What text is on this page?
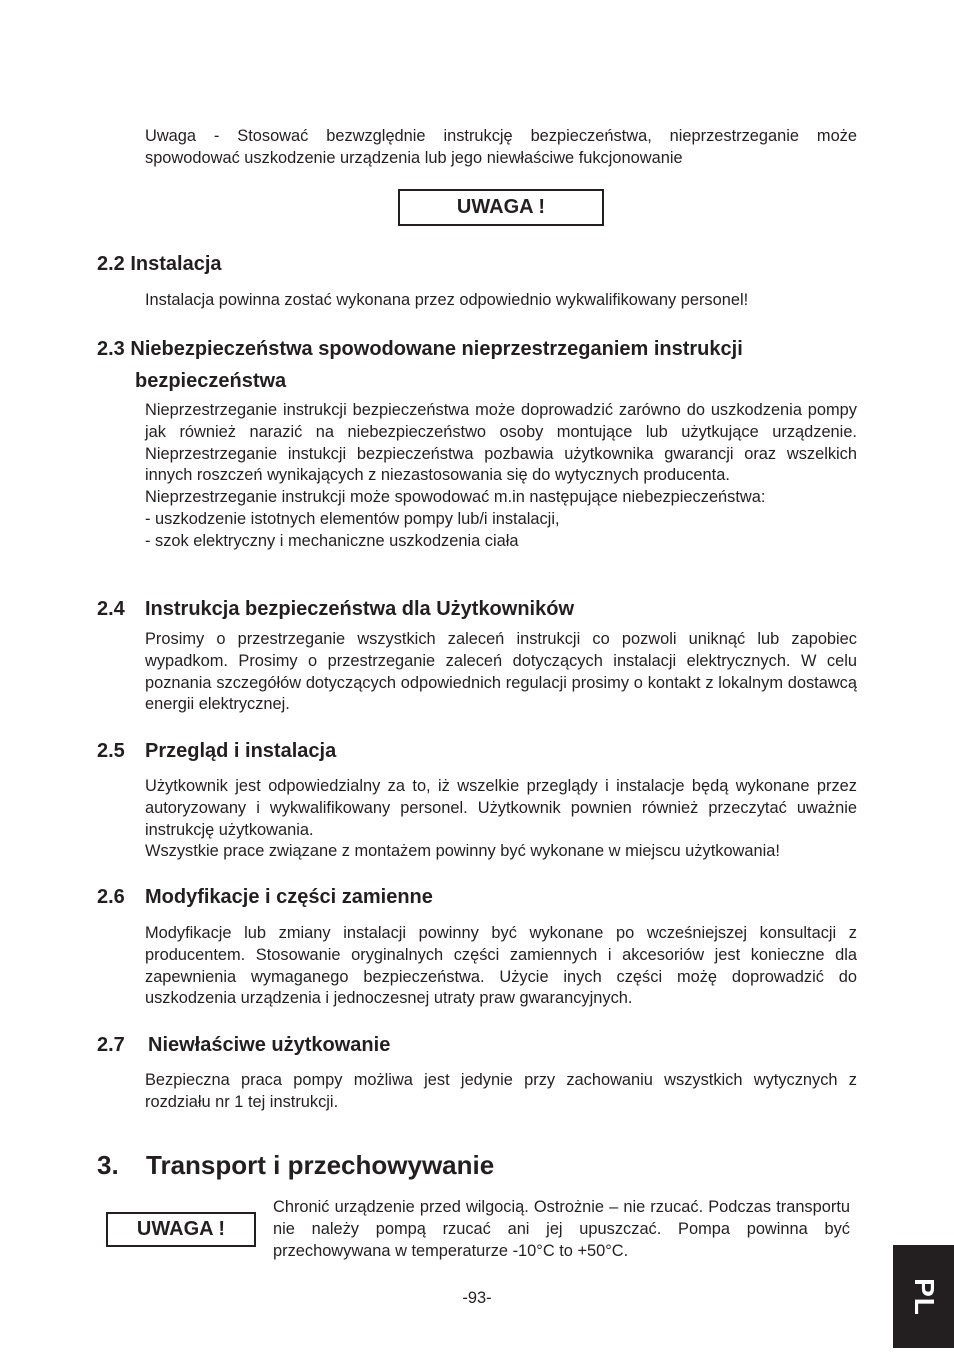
Uwaga - Stosować bezwzględnie instrukcję bezpieczeństwa, nieprzestrzeganie może spowodować uszkodzenie urządzenia lub jego niewłaściwe fukcjonowanie
UWAGA !
2.2 Instalacja
Instalacja powinna zostać wykonana przez odpowiednio wykwalifikowany personel!
2.3 Niebezpieczeństwa spowodowane nieprzestrzeganiem instrukcji
bezpieczeństwa

Nieprzestrzeganie instrukcji bezpieczeństwa może doprowadzić zarówno do uszkodzenia pompy jak również narazić na niebezpieczeństwo osoby montujące lub użytkujące urządzenie. Nieprzestrzeganie instukcji bezpieczeństwa pozbawia użytkownika gwarancji oraz wszelkich innych roszczeń wynikających z niezastosowania się do wytycznych producenta.

Nieprzestrzeganie instrukcji może spowodować m.in następujące niebezpieczeństwa:

- uszkodzenie istotnych elementów pompy lub/i instalacji,

- szok elektryczny i mechaniczne uszkodzenia ciała

2.4 Instrukcja bezpieczeństwa dla Użytkowników
Prosimy o przestrzeganie wszystkich zaleceń instrukcji co pozwoli uniknąć lub zapobiec wypadkom. Prosimy o przestrzeganie zaleceń dotyczących instalacji elektrycznych. W celu poznania szczegółów dotyczących odpowiednich regulacji prosimy o kontakt z lokalnym dostawcą energii elektrycznej.
2.5 Przegląd i instalacja

Użytkownik jest odpowiedzialny za to, iż wszelkie przeglądy i instalacje będą wykonane przez autoryzowany i wykwalifikowany personel. Użytkownik pownien również przeczytać uważnie instrukcję użytkowania.

Wszystkie prace związane z montażem powinny być wykonane w miejscu użytkowania!

2.6 Modyfikacje i części zamienne
Modyfikacje lub zmiany instalacji powinny być wykonane po wcześniejszej konsultacji z producentem. Stosowanie oryginalnych części zamiennych i akcesoriów jest konieczne dla zapewnienia wymaganego bezpieczeństwa. Użycie inych części możę doprowadzić do uszkodzenia urządzenia i jednoczesnej utraty praw gwarancyjnych.
2.7 Niewłaściwe użytkowanie
Bezpieczna praca pompy możliwa jest jedynie przy zachowaniu wszystkich wytycznych z rozdziału nr 1 tej instrukcji.
3. Transport i przechowywanie
UWAGA !
Chronić urządzenie przed wilgocią. Ostrożnie – nie rzucać. Podczas transportu nie należy pompą rzucać ani jej upuszczać. Pompa powinna być przechowywana w temperaturze -10°C to +50°C.
-93-	PL
